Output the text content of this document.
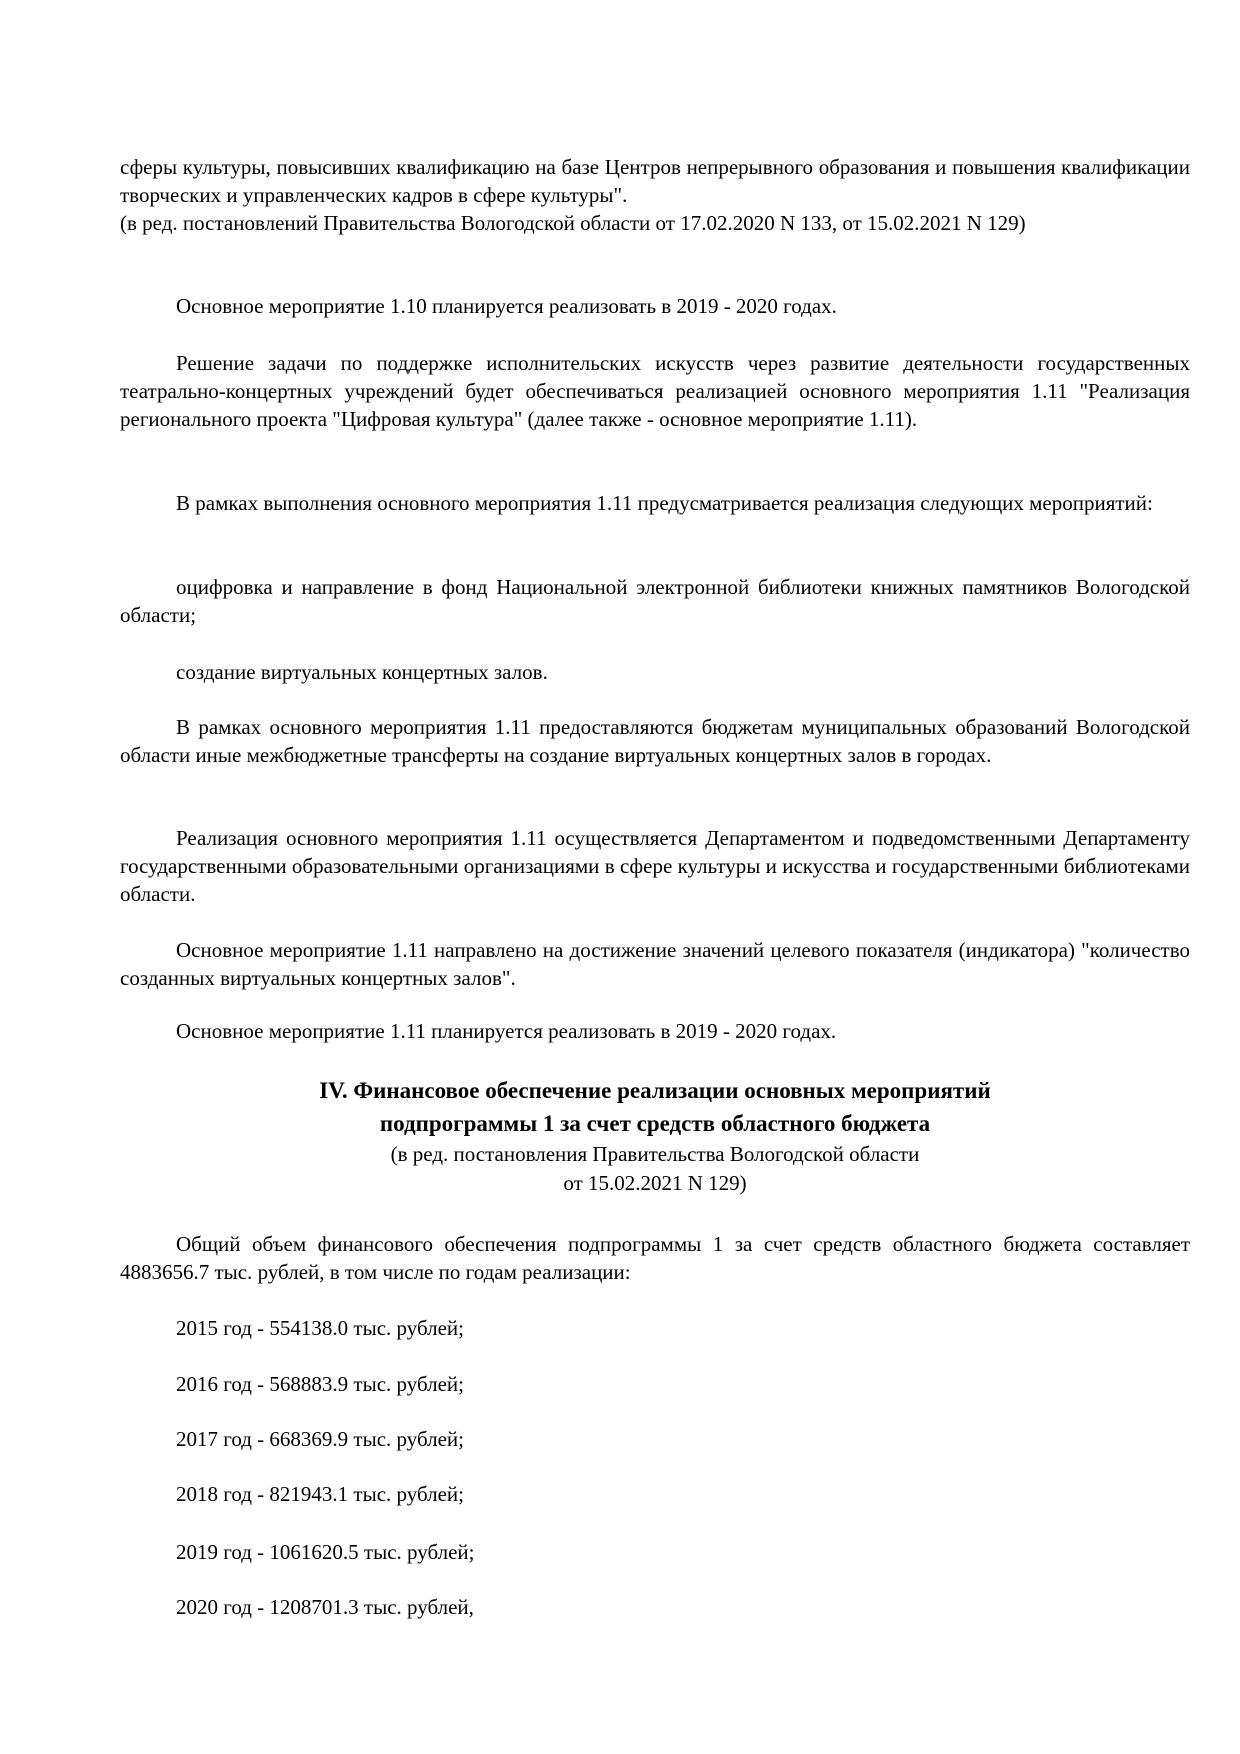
сферы культуры, повысивших квалификацию на базе Центров непрерывного образования и повышения квалификации творческих и управленческих кадров в сфере культуры".

(в ред. постановлений Правительства Вологодской области от 17.02.2020 N 133, от 15.02.2021 N 129)

Основное мероприятие 1.10 планируется реализовать в 2019 - 2020 годах.

Решение задачи по поддержке исполнительских искусств через развитие деятельности государственных театрально-концертных учреждений будет обеспечиваться реализацией основного мероприятия 1.11 "Реализация регионального проекта "Цифровая культура" (далее также - основное мероприятие 1.11).

В рамках выполнения основного мероприятия 1.11 предусматривается реализация следующих мероприятий:

оцифровка и направление в фонд Национальной электронной библиотеки книжных памятников Вологодской области;

создание виртуальных концертных залов.

В рамках основного мероприятия 1.11 предоставляются бюджетам муниципальных образований Вологодской области иные межбюджетные трансферты на создание виртуальных концертных залов в городах.

Реализация основного мероприятия 1.11 осуществляется Департаментом и подведомственными Департаменту государственными образовательными организациями в сфере культуры и искусства и государственными библиотеками области.

Основное мероприятие 1.11 направлено на достижение значений целевого показателя (индикатора) "количество созданных виртуальных концертных залов".

Основное мероприятие 1.11 планируется реализовать в 2019 - 2020 годах.

IV. Финансовое обеспечение реализации основных мероприятий
подпрограммы 1 за счет средств областного бюджета
(в ред. постановления Правительства Вологодской области
от 15.02.2021 N 129)

Общий объем финансового обеспечения подпрограммы 1 за счет средств областного бюджета составляет 4883656.7 тыс. рублей, в том числе по годам реализации:

2015 год - 554138.0 тыс. рублей;

2016 год - 568883.9 тыс. рублей;

2017 год - 668369.9 тыс. рублей;

2018 год - 821943.1 тыс. рублей;

2019 год - 1061620.5 тыс. рублей;

2020 год - 1208701.3 тыс. рублей,
